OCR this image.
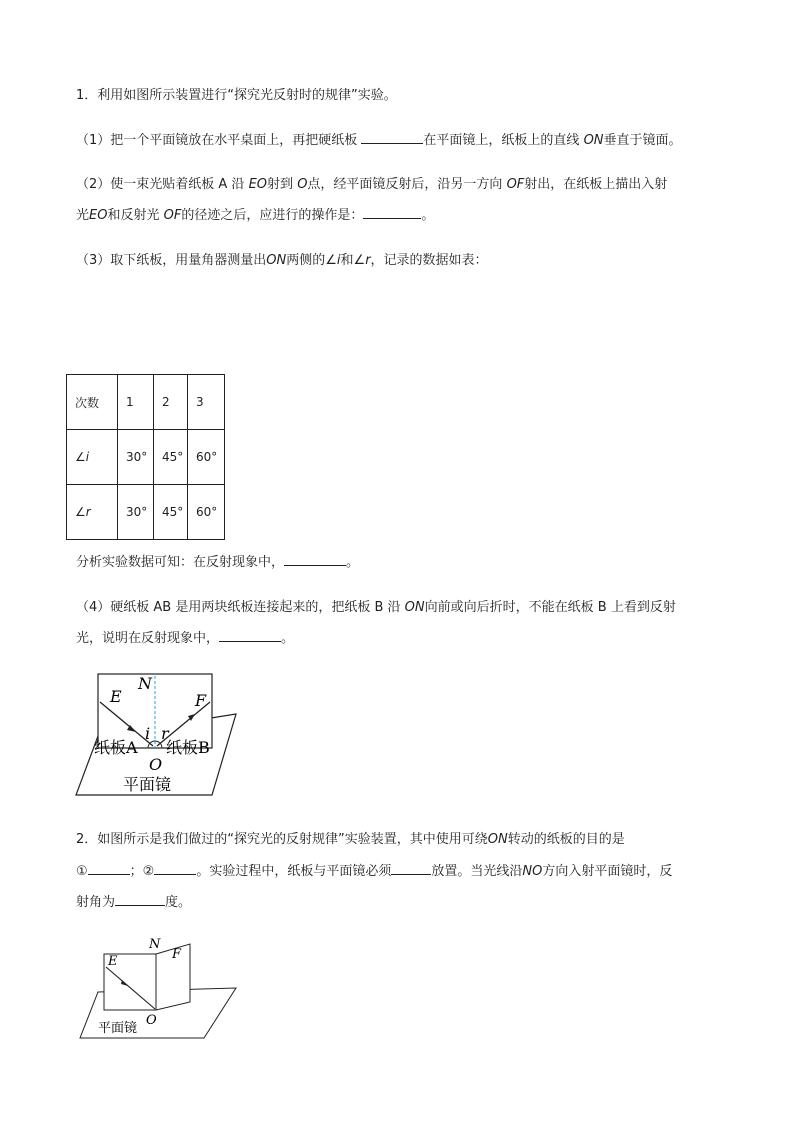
1．利用如图所示装置进行“探究光反射时的规律”实验。
（1）把一个平面镜放在水平桌面上，再把硬纸板	在平面镜上，纸板上的直线 ON垂直于镜面。
（2）使一束光贴着纸板 A 沿 EO射到 O点，经平面镜反射后，沿另一方向 OF射出，在纸板上描出入射
光EO和反射光 OF的径迹之后，应进行的操作是：	。
（3）取下纸板，用量角器测量出ON两侧的∠i和∠r，记录的数据如表：
次数	1	2	3
∠i	30°	45°	60°
∠r	30°	45°	60°
分析实验数据可知：在反射现象中，	。
（4）硬纸板 AB 是用两块纸板连接起来的，把纸板 B 沿 ON向前或向后折时，不能在纸板 B 上看到反射
光，说明在反射现象中，	。
E
N
F
i r
纸板A 纸板B
O
平面镜
2．如图所示是我们做过的“探究光的反射规律”实验装置，其中使用可绕ON转动的纸板的目的是
①	；②	。实验过程中，纸板与平面镜必须	放置。当光线沿NO方向入射平面镜时，反
射角为	度。
N
E	F
O
平面镜
